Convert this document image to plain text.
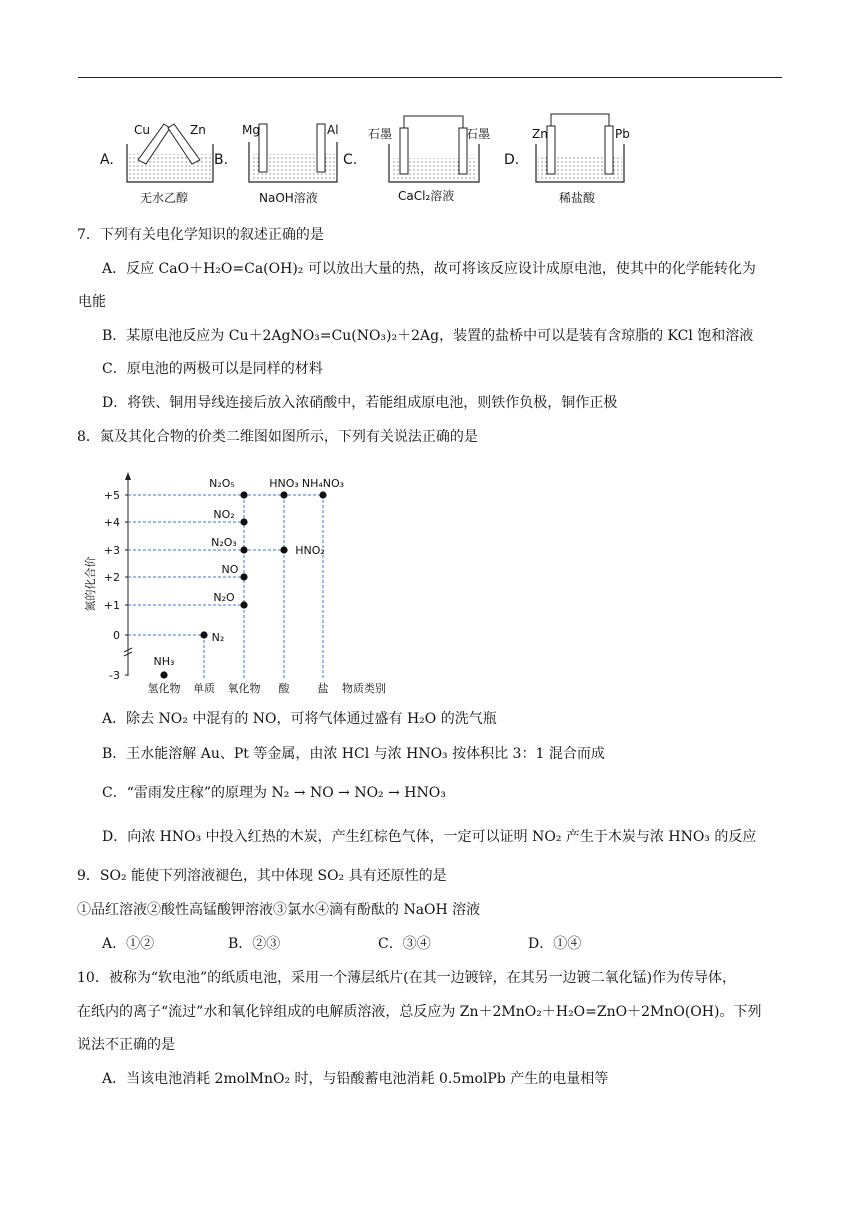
A.
Cu	Zn
无水乙醇
B.
Mg	Al
NaOH溶液
C.
石墨	石墨
CaCl₂溶液
D.
Zn	Pb
稀盐酸
7．下列有关电化学知识的叙述正确的是
A．反应 CaO＋H₂O=Ca(OH)₂ 可以放出大量的热，故可将该反应设计成原电池，使其中的化学能转化为
电能
B．某原电池反应为 Cu＋2AgNO₃=Cu(NO₃)₂＋2Ag，装置的盐桥中可以是装有含琼脂的 KCl 饱和溶液
C．原电池的两极可以是同样的材料
D．将铁、铜用导线连接后放入浓硝酸中，若能组成原电池，则铁作负极，铜作正极
8．氮及其化合物的价类二维图如图所示，下列有关说法正确的是
+5
+4
+3
+2
+1
0
-3
氢化物 单质 氧化物 酸	盐 物质类别
N₂O₅	HNO₃ NH₄NO₃
NO₂
N₂O₃
HNO₂
NO
N₂O
N₂
NH₃
氮的化合价
A．除去 NO₂ 中混有的 NO，可将气体通过盛有 H₂O 的洗气瓶
B．王水能溶解 Au、Pt 等金属，由浓 HCl 与浓 HNO₃ 按体积比 3：1 混合而成
C．“雷雨发庄稼”的原理为 N₂ → NO → NO₂ → HNO₃
D．向浓 HNO₃ 中投入红热的木炭，产生红棕色气体，一定可以证明 NO₂ 产生于木炭与浓 HNO₃ 的反应
9．SO₂ 能使下列溶液褪色，其中体现 SO₂ 具有还原性的是
①品红溶液②酸性高锰酸钾溶液③氯水④滴有酚酞的 NaOH 溶液
A．①②	B．②③	C．③④	D．①④
10．被称为“软电池”的纸质电池，采用一个薄层纸片(在其一边镀锌，在其另一边镀二氧化锰)作为传导体，
在纸内的离子“流过”水和氧化锌组成的电解质溶液，总反应为 Zn＋2MnO₂＋H₂O=ZnO＋2MnO(OH)。下列
说法不正确的是
A．当该电池消耗 2molMnO₂ 时，与铅酸蓄电池消耗 0.5molPb 产生的电量相等
